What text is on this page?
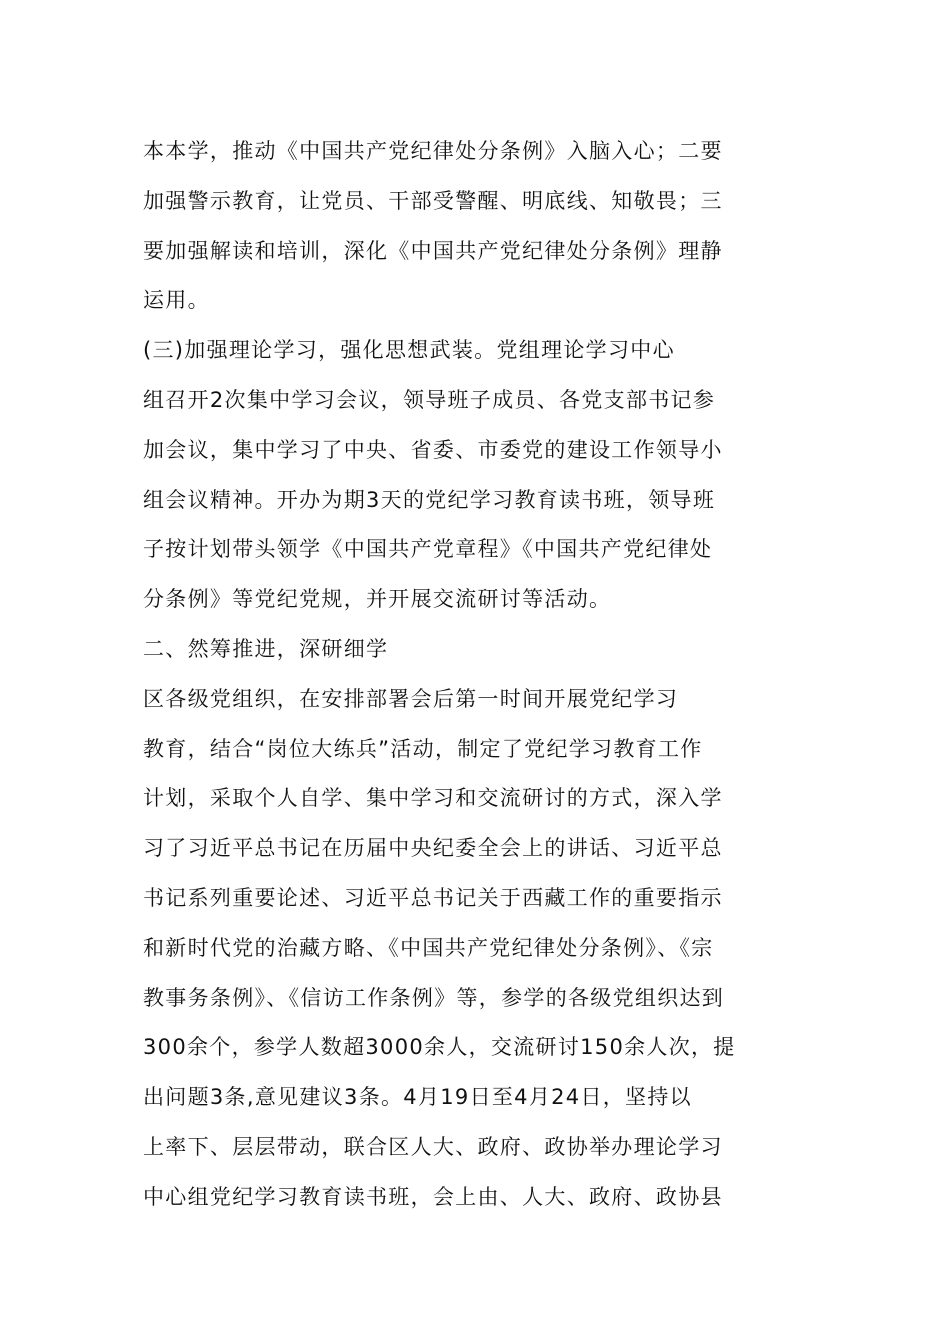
本本学，推动《中国共产党纪律处分条例》入脑入心；二要
加强警示教育，让党员、干部受警醒、明底线、知敬畏；三
要加强解读和培训，深化《中国共产党纪律处分条例》理静
运用。
(三)加强理论学习，强化思想武装。党组理论学习中心
组召开2次集中学习会议，领导班子成员、各党支部书记参
加会议，集中学习了中央、省委、市委党的建设工作领导小
组会议精神。开办为期3天的党纪学习教育读书班，领导班
子按计划带头领学《中国共产党章程》《中国共产党纪律处
分条例》等党纪党规，并开展交流研讨等活动。
二、然筹推进，深研细学
区各级党组织，在安排部署会后第一时间开展党纪学习
教育，结合“岗位大练兵”活动，制定了党纪学习教育工作
计划，采取个人自学、集中学习和交流研讨的方式，深入学
习了习近平总书记在历届中央纪委全会上的讲话、习近平总
书记系列重要论述、习近平总书记关于西藏工作的重要指示
和新时代党的治藏方略、《中国共产党纪律处分条例》、《宗
教事务条例》、《信访工作条例》等，参学的各级党组织达到
300余个，参学人数超3000余人，交流研讨150余人次，提
出问题3条,意见建议3条。4月19日至4月24日，坚持以
上率下、层层带动，联合区人大、政府、政协举办理论学习
中心组党纪学习教育读书班，会上由、人大、政府、政协县
